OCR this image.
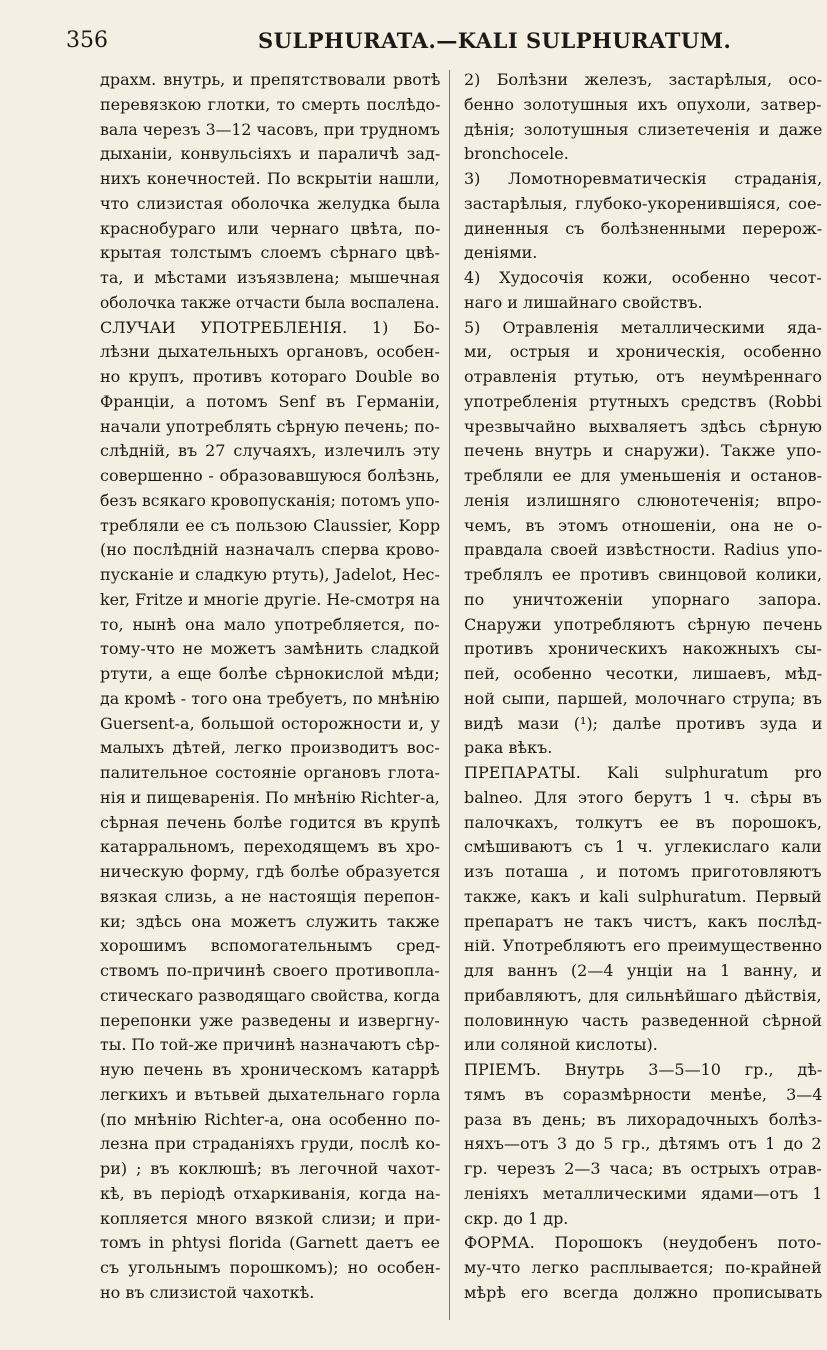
356	SULPHURATA.—KALI SULPHURATUM.
драхм. внутрь, и препятствовали рвотѣ
перевязкою глотки, то смерть послѣдо-
вала черезъ 3—12 часовъ, при трудномъ
дыханіи, конвульсіяхъ и параличѣ зад-
нихъ конечностей. По вскрытіи нашли,
что слизистая оболочка желудка была
краснобураго или чернаго цвѣта, по-
крытая толстымъ слоемъ сѣрнаго цвѣ-
та, и мѣстами изъязвлена; мышечная
оболочка также отчасти была воспалена.
СЛУЧАИ УПОТРЕБЛЕНІЯ. 1) Бо-
лѣзни дыхательныхъ органовъ, особен-
но крупъ, противъ котораго Double во
Франціи, а потомъ Senf въ Германіи,
начали употреблять сѣрную печень; по-
слѣдній, въ 27 случаяхъ, излечилъ эту
совершенно - образовавшуюся болѣзнь,
безъ всякаго кровопусканія; потомъ упо-
требляли ее съ пользою Claussier, Kopp
(но послѣдній назначалъ сперва крово-
пусканіе и сладкую ртуть), Jadelot, Hec-
ker, Fritze и многіе другіе. Не-смотря на
то, нынѣ она мало употребляется, по-
тому-что не можетъ замѣнить сладкой
ртути, а еще болѣе сѣрнокислой мѣди;
да кромѣ - того она требуетъ, по мнѣнію
Guersent-а, большой осторожности и, у
малыхъ дѣтей, легко производитъ вос-
палительное состояніе органовъ глота-
нія и пищеваренія. По мнѣнію Richter-а,
сѣрная печень болѣе годится въ крупѣ
катарральномъ, переходящемъ въ хро-
ническую форму, гдѣ болѣе образуется
вязкая слизь, а не настоящія перепон-
ки; здѣсь она можетъ служить также
хорошимъ вспомогательнымъ сред-
ствомъ по-причинѣ своего противопла-
стическаго разводящаго свойства, когда
перепонки уже разведены и извергну-
ты. По той-же причинѣ назначаютъ сѣр-
ную печень въ хроническомъ катаррѣ
легкихъ и вътьвей дыхательнаго горла
(по мнѣнію Richter-а, она особенно по-
лезна при страданіяхъ груди, послѣ ко-
ри) ; въ коклюшѣ; въ легочной чахот-
кѣ, въ періодѣ отхаркиванія, когда на-
копляется много вязкой слизи; и при-
томъ in phtysi florida (Garnett даетъ ее
съ угольнымъ порошкомъ); но особен-
но въ слизистой чахоткѣ.
2) Болѣзни железъ, застарѣлыя, осо-
бенно золотушныя ихъ опухоли, затвер-
дѣнія; золотушныя слизетеченія и даже
bronchocele.
3) Ломотноревматическія страданія,
застарѣлыя, глубоко-укоренившіяся, сое-
диненныя съ болѣзненными перерож-
деніями.
4) Худосочія кожи, особенно чесот-
наго и лишайнаго свойствъ.
5) Отравленія металлическими яда-
ми, острыя и хроническія, особенно
отравленія ртутью, отъ неумѣреннаго
употребленія ртутныхъ средствъ (Robbi
чрезвычайно выхваляетъ здѣсь сѣрную
печень внутрь и снаружи). Также упо-
требляли ее для уменьшенія и останов-
ленія излишняго слюнотеченія; впро-
чемъ, въ этомъ отношеніи, она не о-
правдала своей извѣстности. Radius упо-
треблялъ ее противъ свинцовой колики,
по уничтоженіи упорнаго запора.
Снаружи употребляютъ сѣрную печень
противъ хроническихъ накожныхъ сы-
пей, особенно чесотки, лишаевъ, мѣд-
ной сыпи, паршей, молочнаго струпа; въ
видѣ мази (¹); далѣе противъ зуда и
рака вѣкъ.
ПРЕПАРАТЫ. Kali sulphuratum pro
balneo. Для этого берутъ 1 ч. сѣры въ
палочкахъ, толкутъ ее въ порошокъ,
смѣшиваютъ съ 1 ч. углекислаго кали
изъ поташа , и потомъ приготовляютъ
также, какъ и kali sulphuratum. Первый
препаратъ не такъ чистъ, какъ послѣд-
ній. Употребляютъ его преимущественно
для ваннъ (2—4 унціи на 1 ванну, и
прибавляютъ, для сильнѣйшаго дѣйствія,
половинную часть разведенной сѣрной
или соляной кислоты).
ПРІЕМЪ. Внутрь 3—5—10 гр., дѣ-
тямъ въ соразмѣрности менѣе, 3—4
раза въ день; въ лихорадочныхъ болѣз-
няхъ—отъ 3 до 5 гр., дѣтямъ отъ 1 до 2
гр. черезъ 2—3 часа; въ острыхъ отрав-
леніяхъ металлическими ядами—отъ 1
скр. до 1 др.
ФОРМА. Порошокъ (неудобенъ пото-
му-что легко расплывается; по-крайней
мѣрѣ его всегда должно прописывать
